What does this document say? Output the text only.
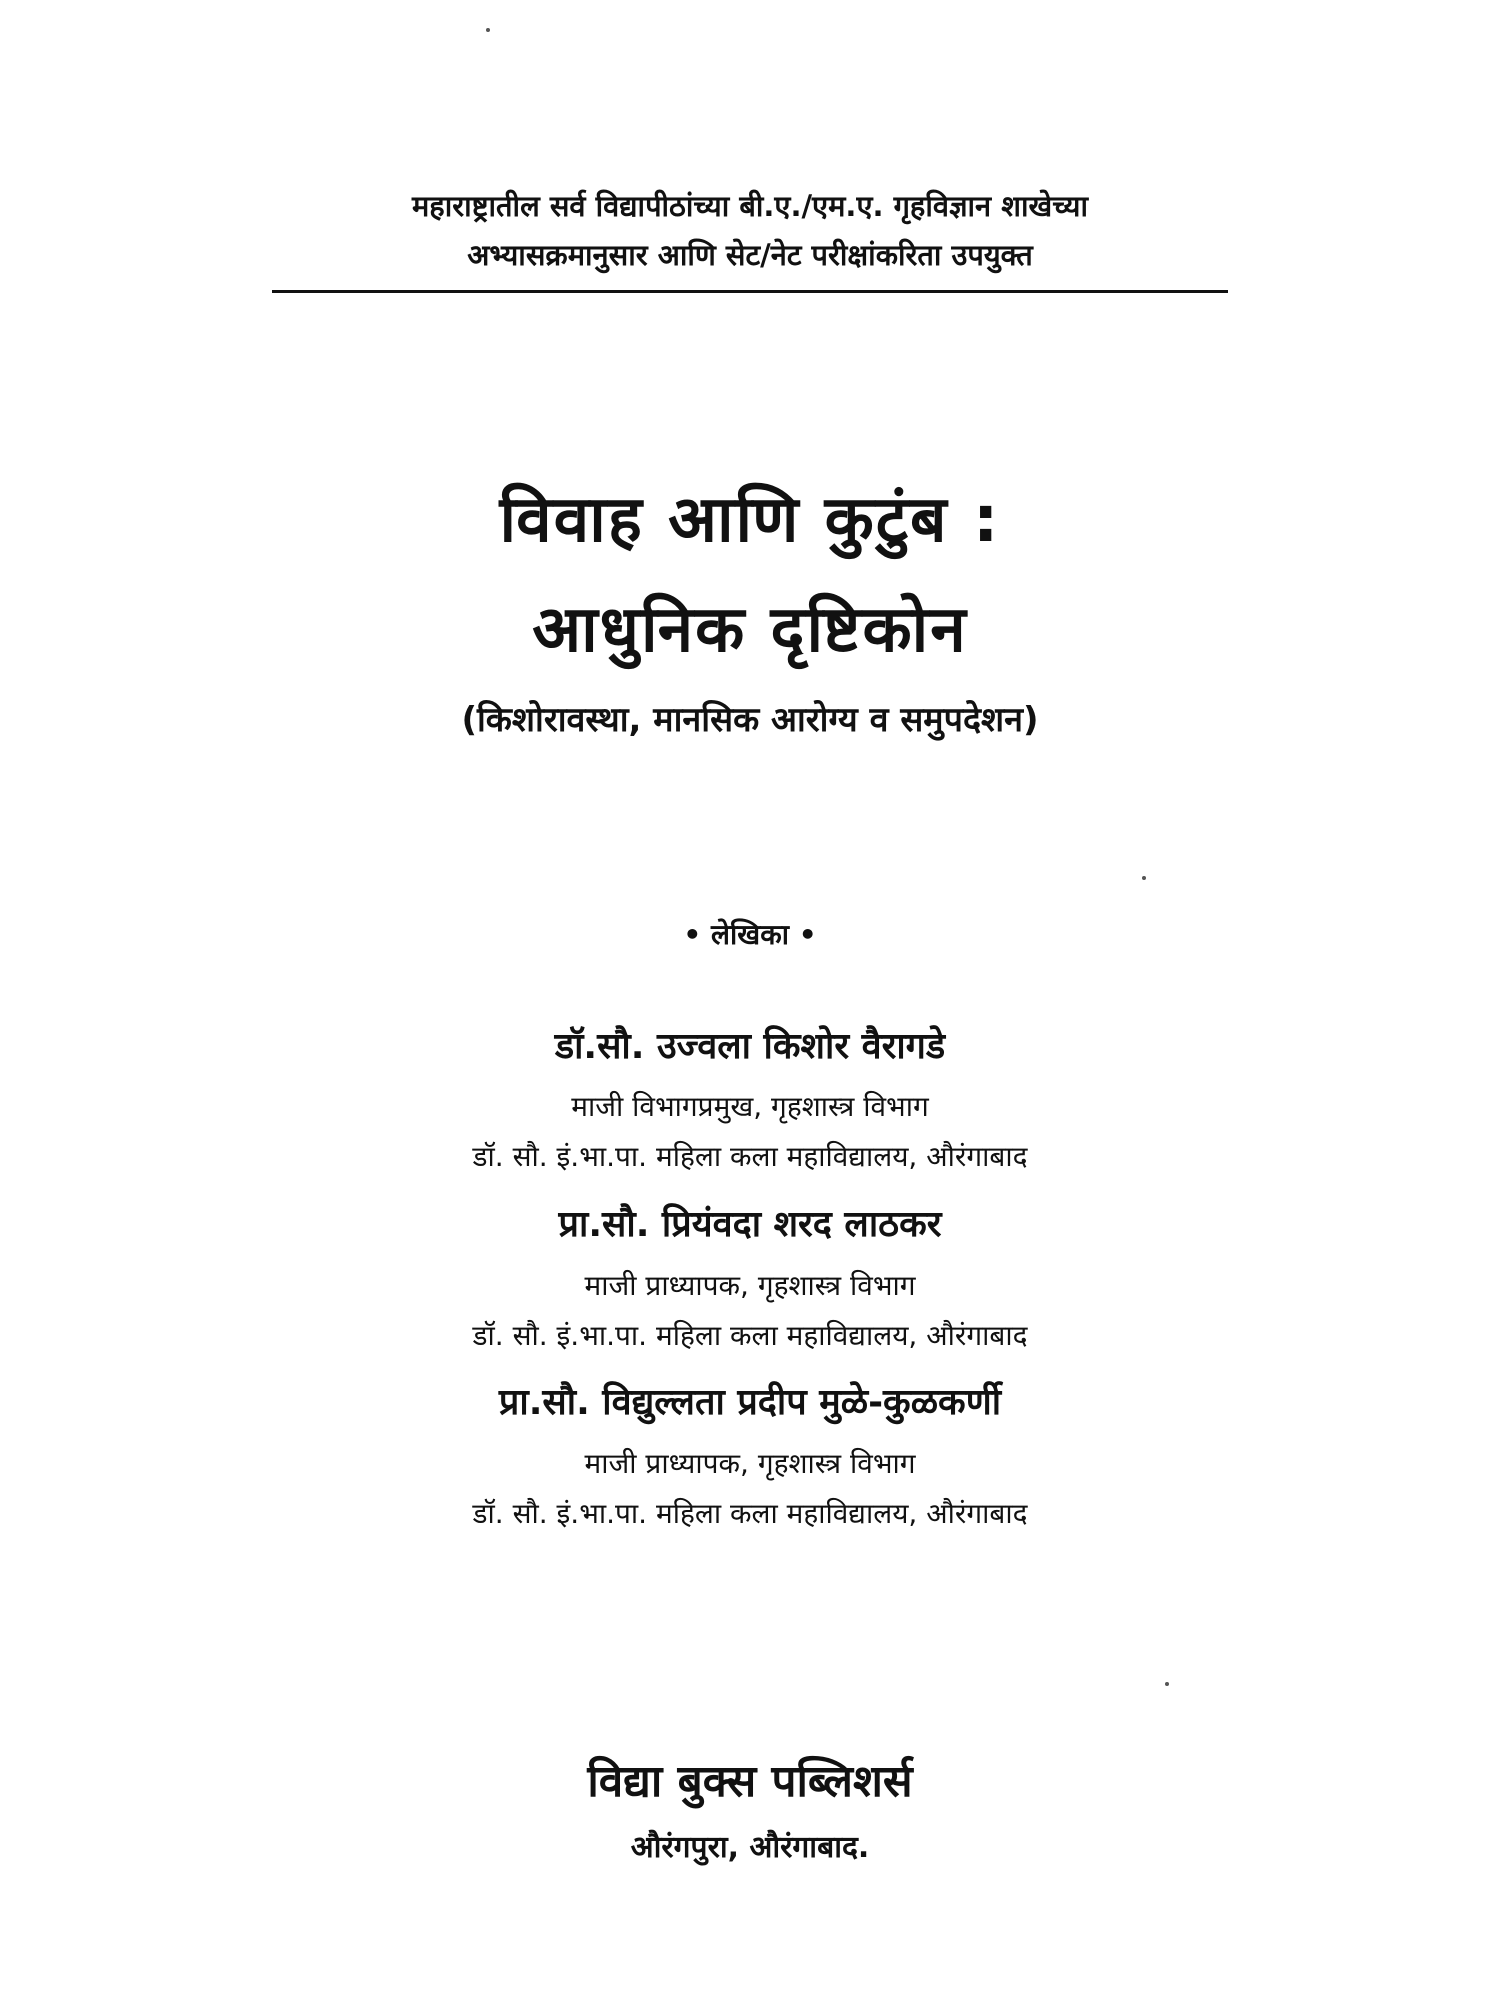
महाराष्ट्रातील सर्व विद्यापीठांच्या बी.ए./एम.ए. गृहविज्ञान शाखेच्या
अभ्यासक्रमानुसार आणि सेट/नेट परीक्षांकरिता उपयुक्त
विवाह आणि कुटुंब :
आधुनिक दृष्टिकोन
(किशोरावस्था, मानसिक आरोग्य व समुपदेशन)
• लेखिका •
डॉ.सौ. उज्वला किशोर वैरागडे
माजी विभागप्रमुख, गृहशास्त्र विभाग
डॉ. सौ. इं.भा.पा. महिला कला महाविद्यालय, औरंगाबाद
प्रा.सौ. प्रियंवदा शरद लाठकर
माजी प्राध्यापक, गृहशास्त्र विभाग
डॉ. सौ. इं.भा.पा. महिला कला महाविद्यालय, औरंगाबाद
प्रा.सौ. विद्युल्लता प्रदीप मुळे-कुळकर्णी
माजी प्राध्यापक, गृहशास्त्र विभाग
डॉ. सौ. इं.भा.पा. महिला कला महाविद्यालय, औरंगाबाद
विद्या बुक्स पब्लिशर्स
औरंगपुरा, औरंगाबाद.
